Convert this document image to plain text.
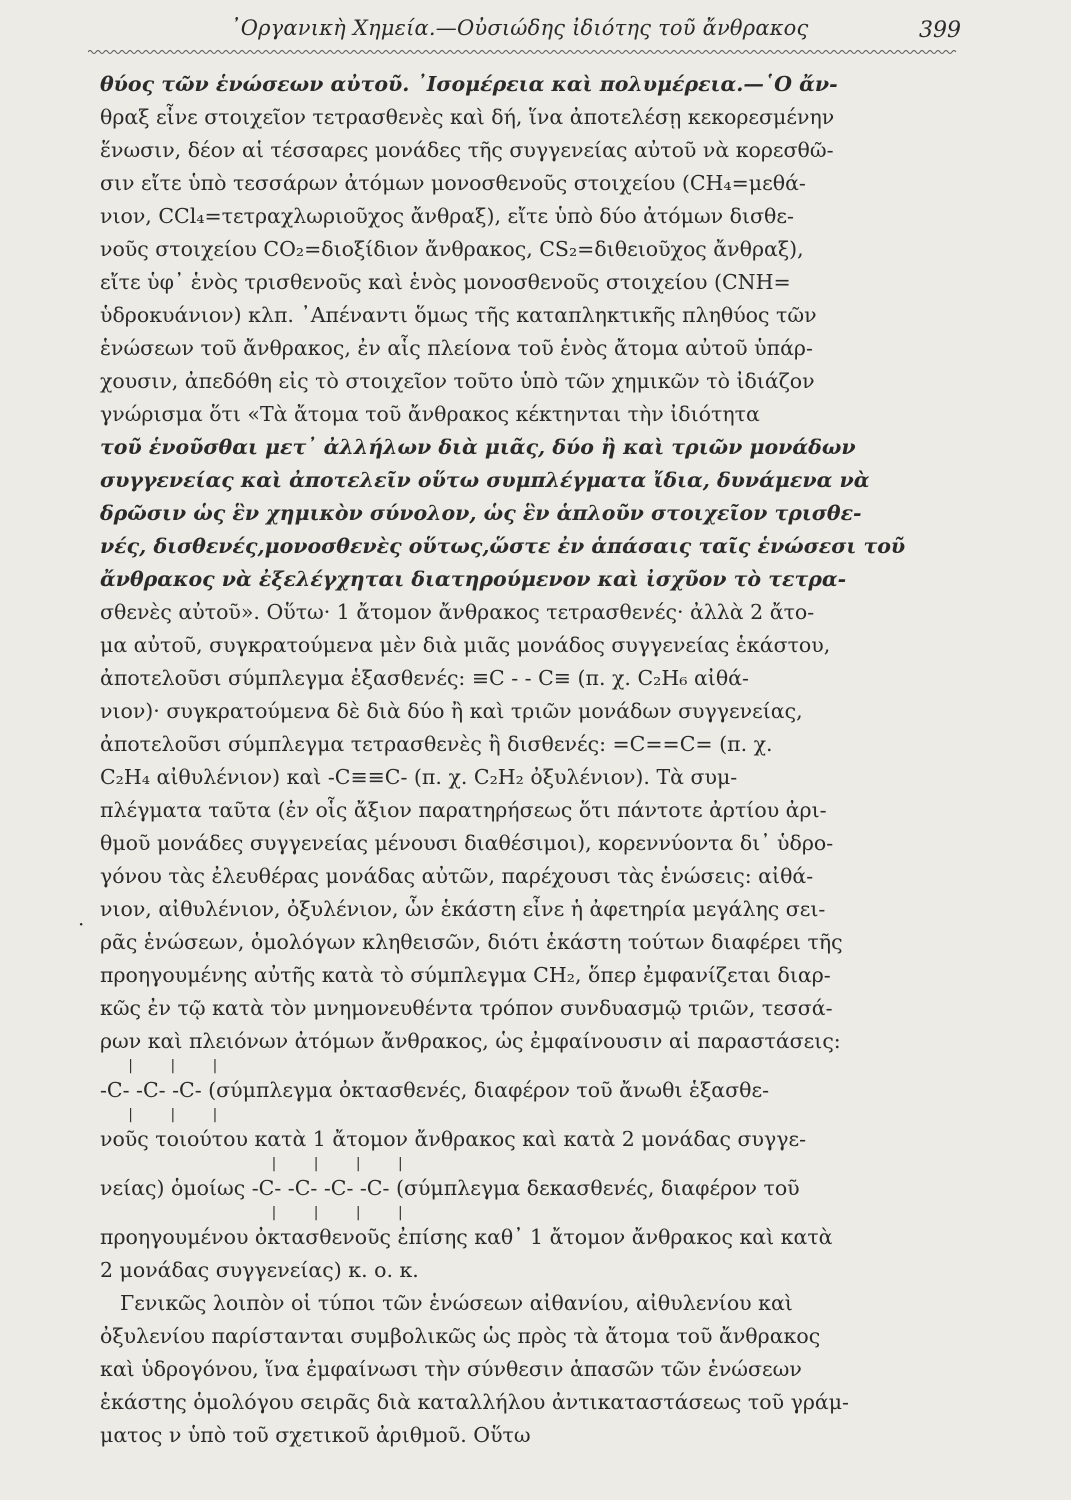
᾿Οργανικὴ Χημεία.—Οὐσιώδης ἰδιότης τοῦ ἄνθρακος	399
·
θύος τῶν ἑνώσεων αὐτοῦ. ᾿Ισομέρεια καὶ πολυμέρεια.—῾Ο ἄν-
θραξ εἶνε στοιχεῖον τετρασθενὲς καὶ δή, ἵνα ἀποτελέσῃ κεκορεσμένην
ἕνωσιν, δέον αἱ τέσσαρες μονάδες τῆς συγγενείας αὐτοῦ νὰ κορεσθῶ-
σιν εἴτε ὑπὸ τεσσάρων ἀτόμων μονοσθενοῦς στοιχείου (CH₄=μεθά-
νιον, CCl₄=τετραχλωριοῦχος ἄνθραξ), εἴτε ὑπὸ δύο ἀτόμων δισθε-
νοῦς στοιχείου CO₂=διοξίδιον ἄνθρακος, CS₂=διθειοῦχος ἄνθραξ),
εἴτε ὑφ᾿ ἑνὸς τρισθενοῦς καὶ ἑνὸς μονοσθενοῦς στοιχείου (CNH=
ὑδροκυάνιον) κλπ. ᾿Απέναντι ὅμως τῆς καταπληκτικῆς πληθύος τῶν
ἑνώσεων τοῦ ἄνθρακος, ἐν αἷς πλείονα τοῦ ἑνὸς ἄτομα αὐτοῦ ὑπάρ-
χουσιν, ἀπεδόθη εἰς τὸ στοιχεῖον τοῦτο ὑπὸ τῶν χημικῶν τὸ ἰδιάζον
γνώρισμα ὅτι «Τὰ ἄτομα τοῦ ἄνθρακος κέκτηνται τὴν ἰδιότητα
τοῦ ἑνοῦσθαι μετ᾿ ἀλλήλων διὰ μιᾶς, δύο ἢ καὶ τριῶν μονάδων
συγγενείας καὶ ἀποτελεῖν οὕτω συμπλέγματα ἴδια, δυνάμενα νὰ
δρῶσιν ὡς ἓν χημικὸν σύνολον, ὡς ἓν ἁπλοῦν στοιχεῖον τρισθε-
νές, δισθενές,μονοσθενὲς οὕτως,ὥστε ἐν ἁπάσαις ταῖς ἑνώσεσι τοῦ
ἄνθρακος νὰ ἐξελέγχηται διατηρούμενον καὶ ἰσχῦον τὸ τετρα-
σθενὲς αὐτοῦ». Οὕτω· 1 ἄτομον ἄνθρακος τετρασθενές· ἀλλὰ 2 ἄτο-
μα αὐτοῦ, συγκρατούμενα μὲν διὰ μιᾶς μονάδος συγγενείας ἑκάστου,
ἀποτελοῦσι σύμπλεγμα ἑξασθενές: ≡C - - C≡ (π. χ. C₂H₆ αἰθά-
νιον)· συγκρατούμενα δὲ διὰ δύο ἢ καὶ τριῶν μονάδων συγγενείας,
ἀποτελοῦσι σύμπλεγμα τετρασθενὲς ἢ δισθενές: =C==C= (π. χ.
C₂H₄ αἰθυλένιον) καὶ -C≡≡C- (π. χ. C₂H₂ ὀξυλένιον). Τὰ συμ-
πλέγματα ταῦτα (ἐν οἷς ἄξιον παρατηρήσεως ὅτι πάντοτε ἀρτίου ἀρι-
θμοῦ μονάδες συγγενείας μένουσι διαθέσιμοι), κορεννύοντα δι᾿ ὑδρο-
γόνου τὰς ἐλευθέρας μονάδας αὐτῶν, παρέχουσι τὰς ἑνώσεις: αἰθά-
νιον, αἰθυλένιον, ὀξυλένιον, ὧν ἑκάστη εἶνε ἡ ἀφετηρία μεγάλης σει-
ρᾶς ἑνώσεων, ὁμολόγων κληθεισῶν, διότι ἑκάστη τούτων διαφέρει τῆς
προηγουμένης αὐτῆς κατὰ τὸ σύμπλεγμα CH₂, ὅπερ ἐμφανίζεται διαρ-
κῶς ἐν τῷ κατὰ τὸν μνημονευθέντα τρόπον συνδυασμῷ τριῶν, τεσσά-
ρων καὶ πλειόνων ἀτόμων ἄνθρακος, ὡς ἐμφαίνουσιν αἱ παραστάσεις:
|    |    |
-C- -C- -C- (σύμπλεγμα ὀκτασθενές, διαφέρον τοῦ ἄνωθι ἑξασθε-
|    |    |
νοῦς τοιούτου κατὰ 1 ἄτομον ἄνθρακος καὶ κατὰ 2 μονάδας συγγε-
|    |    |    |
νείας) ὁμοίως -C- -C- -C- -C- (σύμπλεγμα δεκασθενές, διαφέρον τοῦ
|    |    |    |
προηγουμένου ὀκτασθενοῦς ἐπίσης καθ᾿ 1 ἄτομον ἄνθρακος καὶ κατὰ
2 μονάδας συγγενείας) κ. ο. κ.
Γενικῶς λοιπὸν οἱ τύποι τῶν ἑνώσεων αἰθανίου, αἰθυλενίου καὶ
ὀξυλενίου παρίστανται συμβολικῶς ὡς πρὸς τὰ ἄτομα τοῦ ἄνθρακος
καὶ ὑδρογόνου, ἵνα ἐμφαίνωσι τὴν σύνθεσιν ἁπασῶν τῶν ἑνώσεων
ἑκάστης ὁμολόγου σειρᾶς διὰ καταλλήλου ἀντικαταστάσεως τοῦ γράμ-
ματος ν ὑπὸ τοῦ σχετικοῦ ἀριθμοῦ. Οὕτω
